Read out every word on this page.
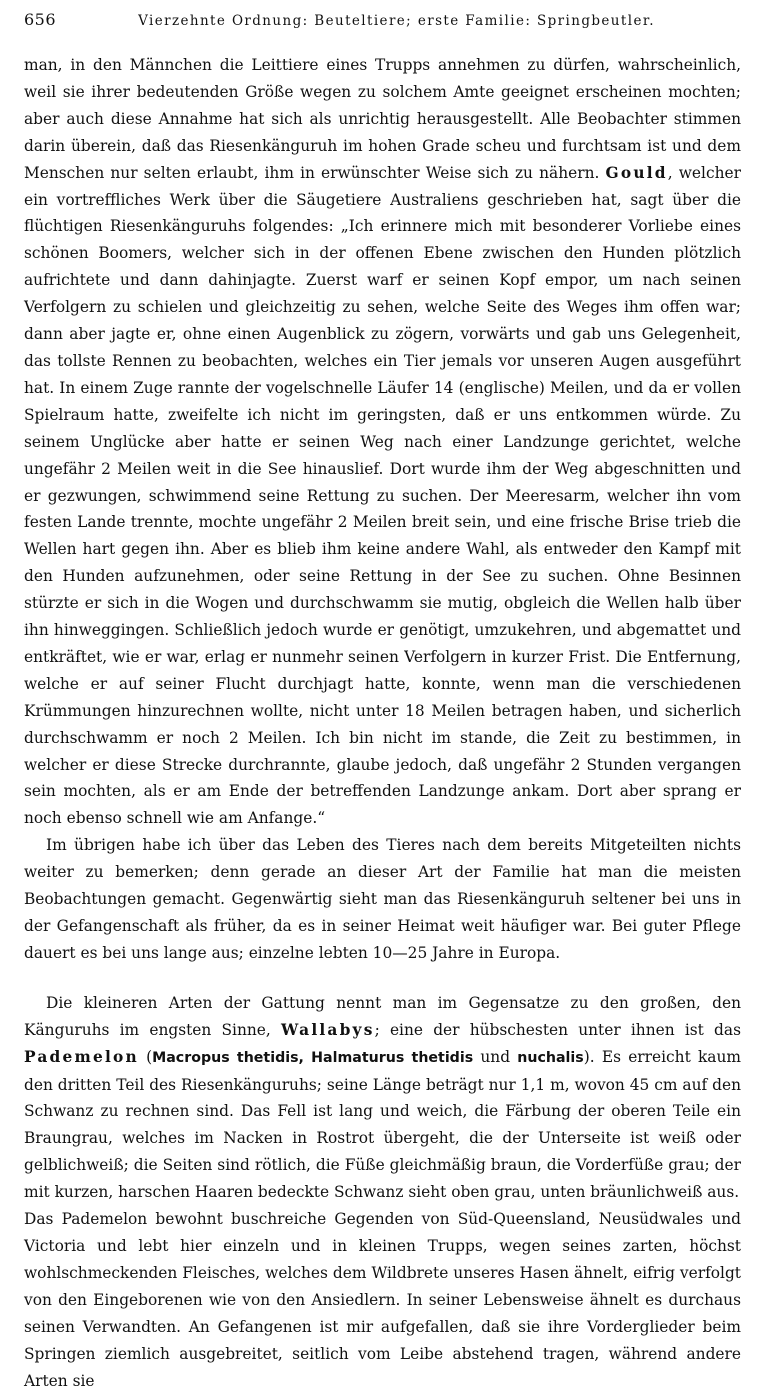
656	Vierzehnte Ordnung: Beuteltiere; erste Familie: Springbeutler.

man, in den Männchen die Leittiere eines Trupps annehmen zu dürfen, wahrscheinlich, weil sie ihrer bedeutenden Größe wegen zu solchem Amte geeignet erscheinen mochten; aber auch diese Annahme hat sich als unrichtig herausgestellt. Alle Beobachter stimmen darin überein, daß das Riesenkänguruh im hohen Grade scheu und furchtsam ist und dem Menschen nur selten erlaubt, ihm in erwünschter Weise sich zu nähern. Gould, welcher ein vortreffliches Werk über die Säugetiere Australiens geschrieben hat, sagt über die flüchtigen Riesenkänguruhs folgendes: „Ich erinnere mich mit besonderer Vorliebe eines schönen Boomers, welcher sich in der offenen Ebene zwischen den Hunden plötzlich aufrichtete und dann dahinjagte. Zuerst warf er seinen Kopf empor, um nach seinen Verfolgern zu schielen und gleichzeitig zu sehen, welche Seite des Weges ihm offen war; dann aber jagte er, ohne einen Augenblick zu zögern, vorwärts und gab uns Gelegenheit, das tollste Rennen zu beobachten, welches ein Tier jemals vor unseren Augen ausgeführt hat. In einem Zuge rannte der vogelschnelle Läufer 14 (englische) Meilen, und da er vollen Spielraum hatte, zweifelte ich nicht im geringsten, daß er uns entkommen würde. Zu seinem Unglücke aber hatte er seinen Weg nach einer Landzunge gerichtet, welche ungefähr 2 Meilen weit in die See hinauslief. Dort wurde ihm der Weg abgeschnitten und er gezwungen, schwimmend seine Rettung zu suchen. Der Meeresarm, welcher ihn vom festen Lande trennte, mochte ungefähr 2 Meilen breit sein, und eine frische Brise trieb die Wellen hart gegen ihn. Aber es blieb ihm keine andere Wahl, als entweder den Kampf mit den Hunden aufzunehmen, oder seine Rettung in der See zu suchen. Ohne Besinnen stürzte er sich in die Wogen und durchschwamm sie mutig, obgleich die Wellen halb über ihn hinweggingen. Schließlich jedoch wurde er genötigt, umzukehren, und abgemattet und entkräftet, wie er war, erlag er nunmehr seinen Verfolgern in kurzer Frist. Die Entfernung, welche er auf seiner Flucht durchjagt hatte, konnte, wenn man die verschiedenen Krümmungen hinzurechnen wollte, nicht unter 18 Meilen betragen haben, und sicherlich durchschwamm er noch 2 Meilen. Ich bin nicht im stande, die Zeit zu bestimmen, in welcher er diese Strecke durchrannte, glaube jedoch, daß ungefähr 2 Stunden vergangen sein mochten, als er am Ende der betreffenden Landzunge ankam. Dort aber sprang er noch ebenso schnell wie am Anfange.“

Im übrigen habe ich über das Leben des Tieres nach dem bereits Mitgeteilten nichts weiter zu bemerken; denn gerade an dieser Art der Familie hat man die meisten Beobachtungen gemacht. Gegenwärtig sieht man das Riesenkänguruh seltener bei uns in der Gefangenschaft als früher, da es in seiner Heimat weit häufiger war. Bei guter Pflege dauert es bei uns lange aus; einzelne lebten 10—25 Jahre in Europa.

Die kleineren Arten der Gattung nennt man im Gegensatze zu den großen, den Känguruhs im engsten Sinne, Wallabys; eine der hübschesten unter ihnen ist das Pademelon (Macropus thetidis, Halmaturus thetidis und nuchalis). Es erreicht kaum den dritten Teil des Riesenkänguruhs; seine Länge beträgt nur 1,1 m, wovon 45 cm auf den Schwanz zu rechnen sind. Das Fell ist lang und weich, die Färbung der oberen Teile ein Braungrau, welches im Nacken in Rostrot übergeht, die der Unterseite ist weiß oder gelblichweiß; die Seiten sind rötlich, die Füße gleichmäßig braun, die Vorderfüße grau; der mit kurzen, harschen Haaren bedeckte Schwanz sieht oben grau, unten bräunlichweiß aus.

Das Pademelon bewohnt buschreiche Gegenden von Süd-Queensland, Neusüdwales und Victoria und lebt hier einzeln und in kleinen Trupps, wegen seines zarten, höchst wohlschmeckenden Fleisches, welches dem Wildbrete unseres Hasen ähnelt, eifrig verfolgt von den Eingeborenen wie von den Ansiedlern. In seiner Lebensweise ähnelt es durchaus seinen Verwandten. An Gefangenen ist mir aufgefallen, daß sie ihre Vorderglieder beim Springen ziemlich ausgebreitet, seitlich vom Leibe abstehend tragen, während andere Arten sie
